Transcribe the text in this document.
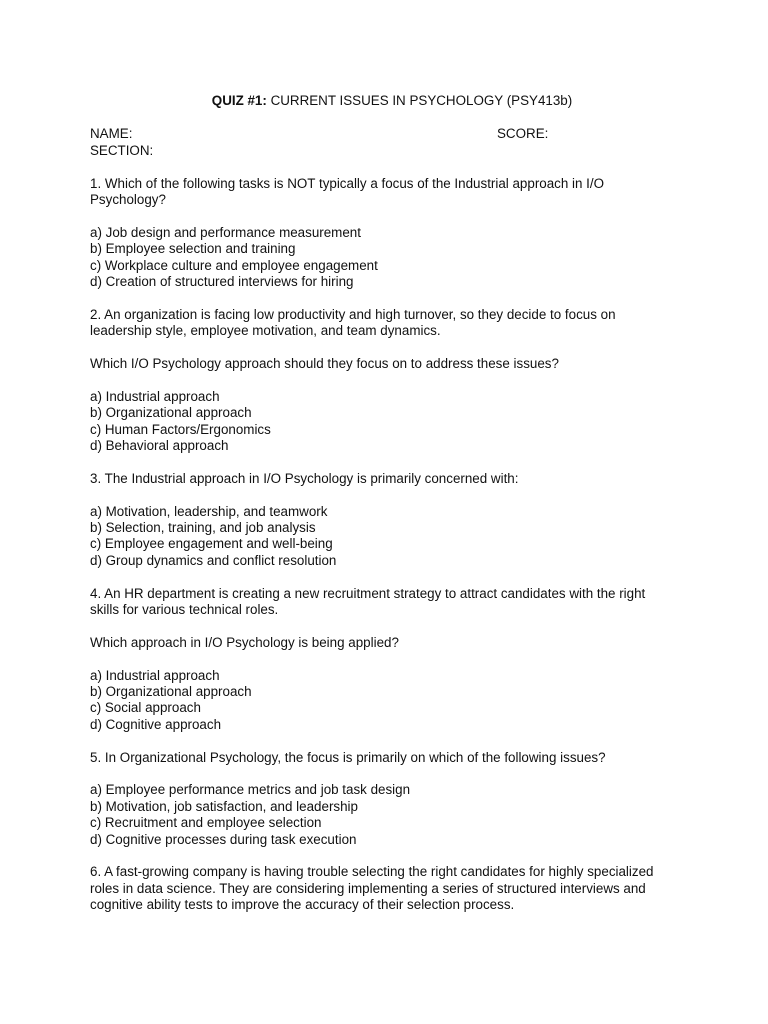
QUIZ #1: CURRENT ISSUES IN PSYCHOLOGY (PSY413b)
NAME:	SCORE:
SECTION:
1. Which of the following tasks is NOT typically a focus of the Industrial approach in I/O Psychology?
a) Job design and performance measurement
b) Employee selection and training
c) Workplace culture and employee engagement
d) Creation of structured interviews for hiring
2. An organization is facing low productivity and high turnover, so they decide to focus on leadership style, employee motivation, and team dynamics.
Which I/O Psychology approach should they focus on to address these issues?
a) Industrial approach
b) Organizational approach
c) Human Factors/Ergonomics
d) Behavioral approach
3. The Industrial approach in I/O Psychology is primarily concerned with:
a) Motivation, leadership, and teamwork
b) Selection, training, and job analysis
c) Employee engagement and well-being
d) Group dynamics and conflict resolution
4. An HR department is creating a new recruitment strategy to attract candidates with the right skills for various technical roles.
Which approach in I/O Psychology is being applied?
a) Industrial approach
b) Organizational approach
c) Social approach
d) Cognitive approach
5. In Organizational Psychology, the focus is primarily on which of the following issues?
a) Employee performance metrics and job task design
b) Motivation, job satisfaction, and leadership
c) Recruitment and employee selection
d) Cognitive processes during task execution
6. A fast-growing company is having trouble selecting the right candidates for highly specialized roles in data science. They are considering implementing a series of structured interviews and cognitive ability tests to improve the accuracy of their selection process.
